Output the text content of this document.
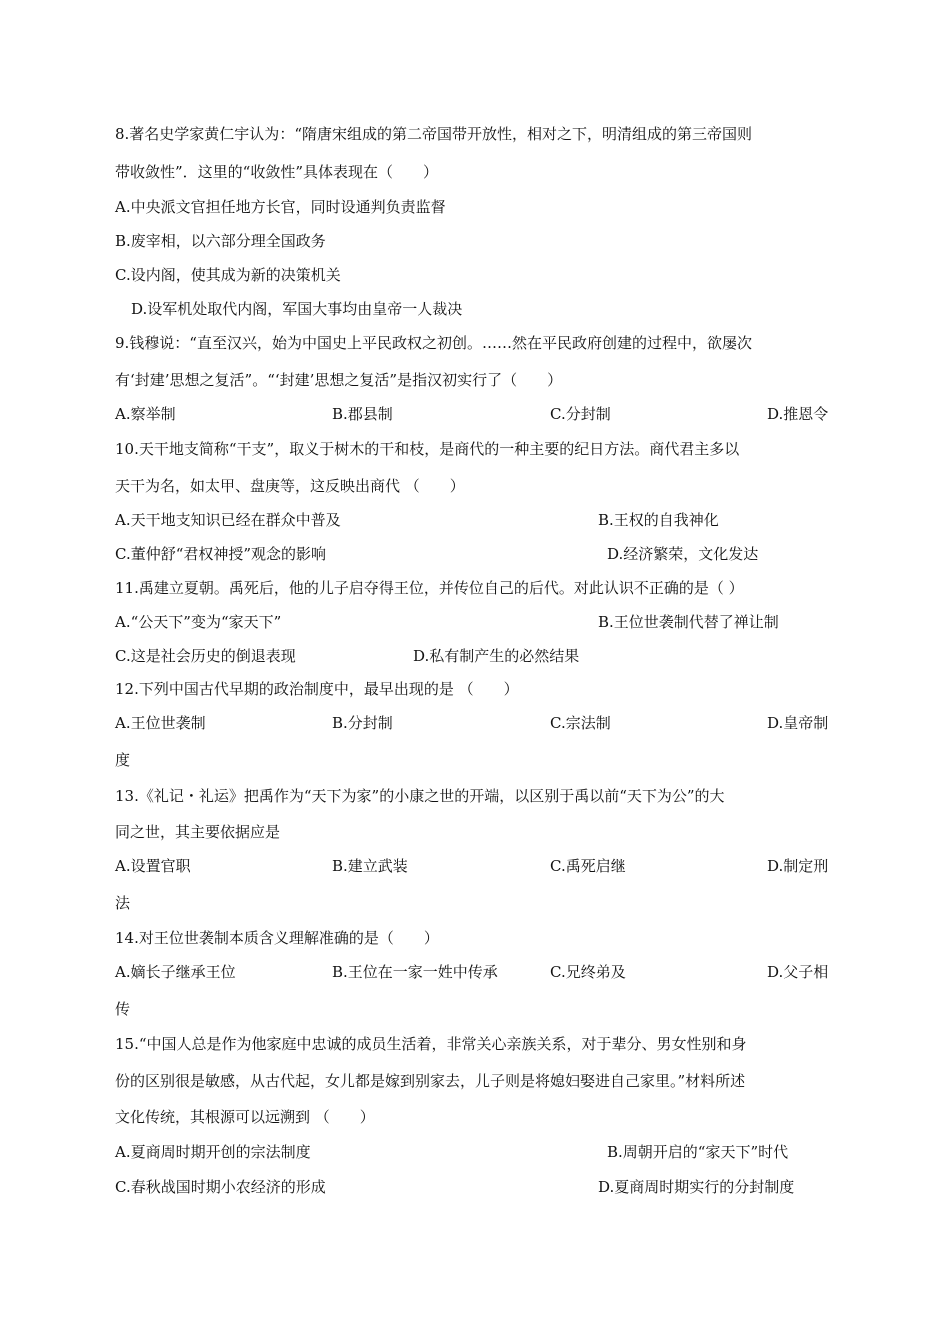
8.著名史学家黄仁宇认为：“隋唐宋组成的第二帝国带开放性，相对之下，明清组成的第三帝国则
带收敛性”．这里的“收敛性”具体表现在（　　）
A.中央派文官担任地方长官，同时设通判负责监督
B.废宰相，以六部分理全国政务
C.设内阁，使其成为新的决策机关
D.设军机处取代内阁，军国大事均由皇帝一人裁决
9.钱穆说：“直至汉兴，始为中国史上平民政权之初创。……然在平民政府创建的过程中，欲屡次
有‘封建’思想之复活”。“‘封建’思想之复活”是指汉初实行了（　　）
A.察举制	B.郡县制	C.分封制	D.推恩令
10.天干地支简称“干支”，取义于树木的干和枝，是商代的一种主要的纪日方法。商代君主多以
天干为名，如太甲、盘庚等，这反映出商代 （　　）
A.天干地支知识已经在群众中普及	B.王权的自我神化
C.董仲舒“君权神授”观念的影响	D.经济繁荣，文化发达
11.禹建立夏朝。禹死后，他的儿子启夺得王位，并传位自己的后代。对此认识不正确的是（ ）
A.“公天下”变为“家天下”	B.王位世袭制代替了禅让制
C.这是社会历史的倒退表现	D.私有制产生的必然结果
12.下列中国古代早期的政治制度中，最早出现的是 （　　）
A.王位世袭制	B.分封制	C.宗法制	D.皇帝制
度
13.《礼记・礼运》把禹作为“天下为家”的小康之世的开端，以区别于禹以前“天下为公”的大
同之世，其主要依据应是
A.设置官职	B.建立武装	C.禹死启继	D.制定刑
法
14.对王位世袭制本质含义理解准确的是（　　）
A.嫡长子继承王位	B.王位在一家一姓中传承	C.兄终弟及	D.父子相
传
15.“中国人总是作为他家庭中忠诚的成员生活着，非常关心亲族关系，对于辈分、男女性别和身
份的区别很是敏感，从古代起，女儿都是嫁到别家去，儿子则是将媳妇娶进自己家里。”材料所述
文化传统，其根源可以远溯到 （　　）
A.夏商周时期开创的宗法制度	B.周朝开启的“家天下”时代
C.春秋战国时期小农经济的形成	D.夏商周时期实行的分封制度
